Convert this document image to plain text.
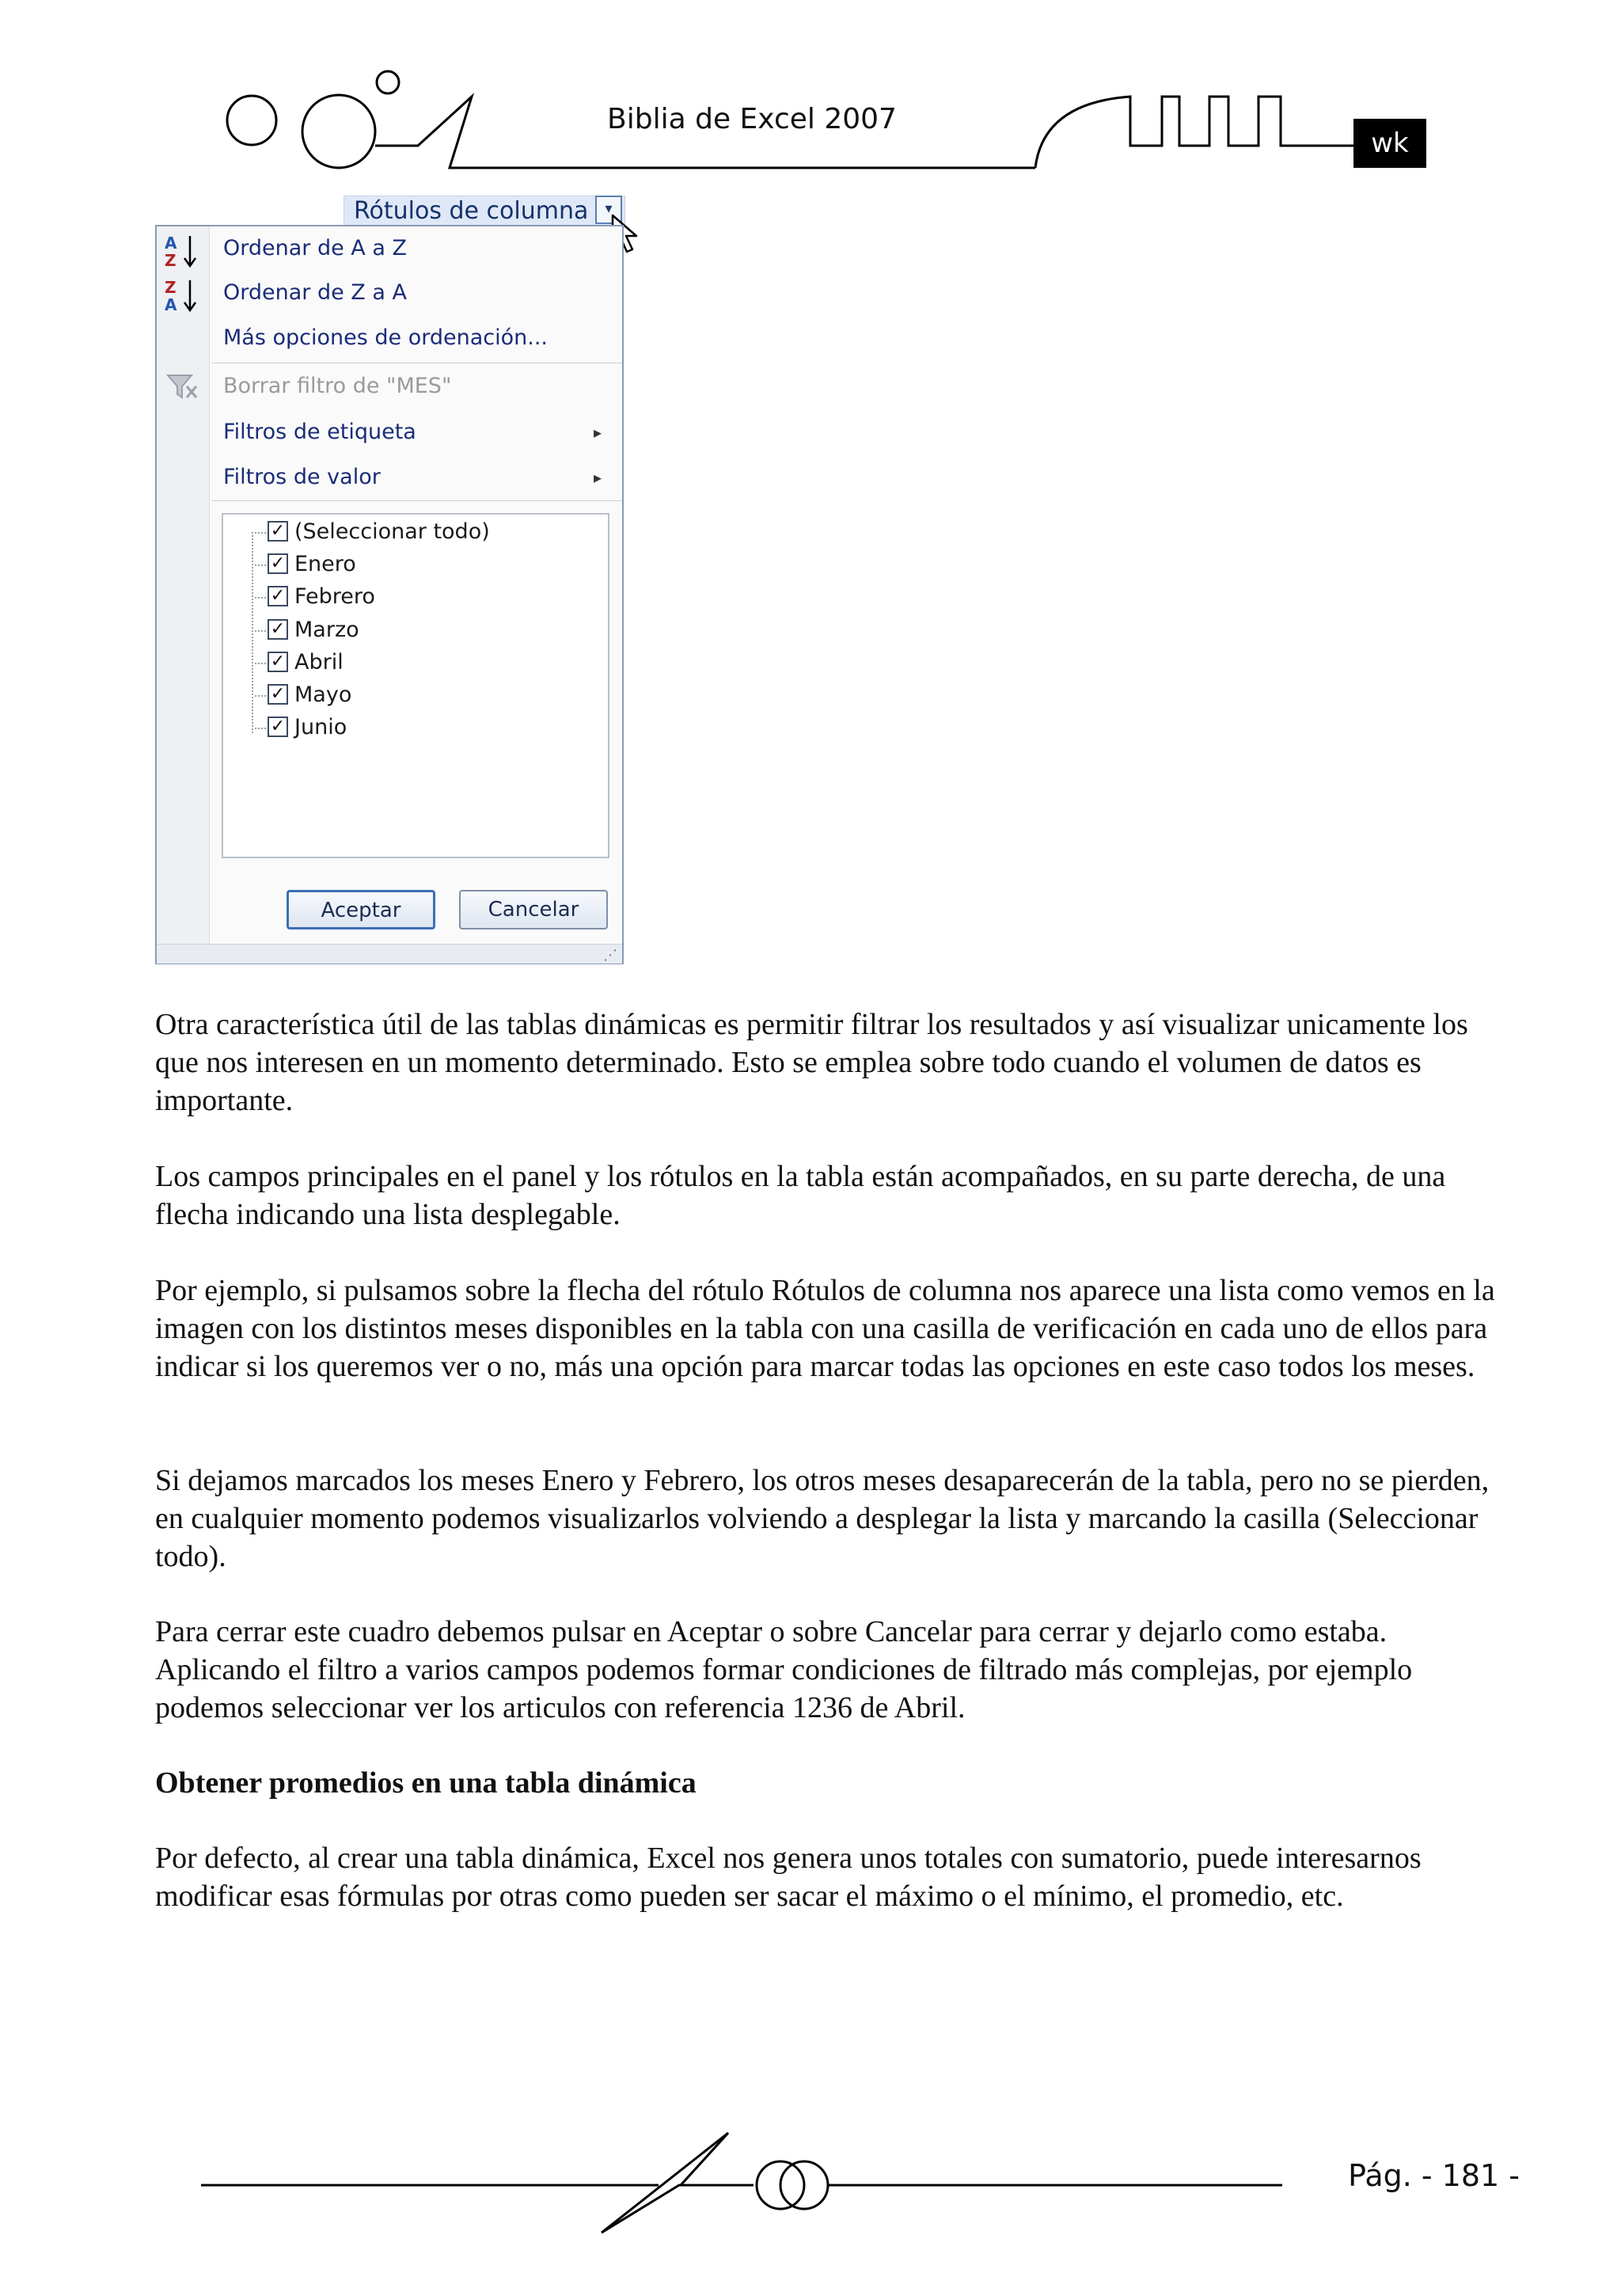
Biblia de Excel 2007
wk
Rótulos de columna	▾
A
Z
Z
A
Ordenar de A a Z
Ordenar de Z a A
Más opciones de ordenación...
Borrar filtro de "MES"
Filtros de etiqueta	▸
Filtros de valor	▸
✓ (Seleccionar todo)
✓ Enero
✓ Febrero
✓ Marzo
✓ Abril
✓ Mayo
✓ Junio
Aceptar	Cancelar
⋰

Otra característica útil de las tablas dinámicas es permitir filtrar los resultados y así visualizar unicamente los que nos interesen en un momento determinado. Esto se emplea sobre todo cuando el volumen de datos es importante.

Los campos principales en el panel y los rótulos en la tabla están acompañados, en su parte derecha, de una flecha indicando una lista desplegable.

Por ejemplo, si pulsamos sobre la flecha del rótulo Rótulos de columna nos aparece una lista como vemos en la imagen con los distintos meses disponibles en la tabla con una casilla de verificación en cada uno de ellos para indicar si los queremos ver o no, más una opción para marcar todas las opciones en este caso todos los meses.

Si dejamos marcados los meses Enero y Febrero, los otros meses desaparecerán de la tabla, pero no se pierden, en cualquier momento podemos visualizarlos volviendo a desplegar la lista y marcando la casilla (Seleccionar todo).

Para cerrar este cuadro debemos pulsar en Aceptar o sobre Cancelar para cerrar y dejarlo como estaba. Aplicando el filtro a varios campos podemos formar condiciones de filtrado más complejas, por ejemplo podemos seleccionar ver los articulos con referencia 1236 de Abril.

Obtener promedios en una tabla dinámica

Por defecto, al crear una tabla dinámica, Excel nos genera unos totales con sumatorio, puede interesarnos modificar esas fórmulas por otras como pueden ser sacar el máximo o el mínimo, el promedio, etc.

Pág. - 181 -
